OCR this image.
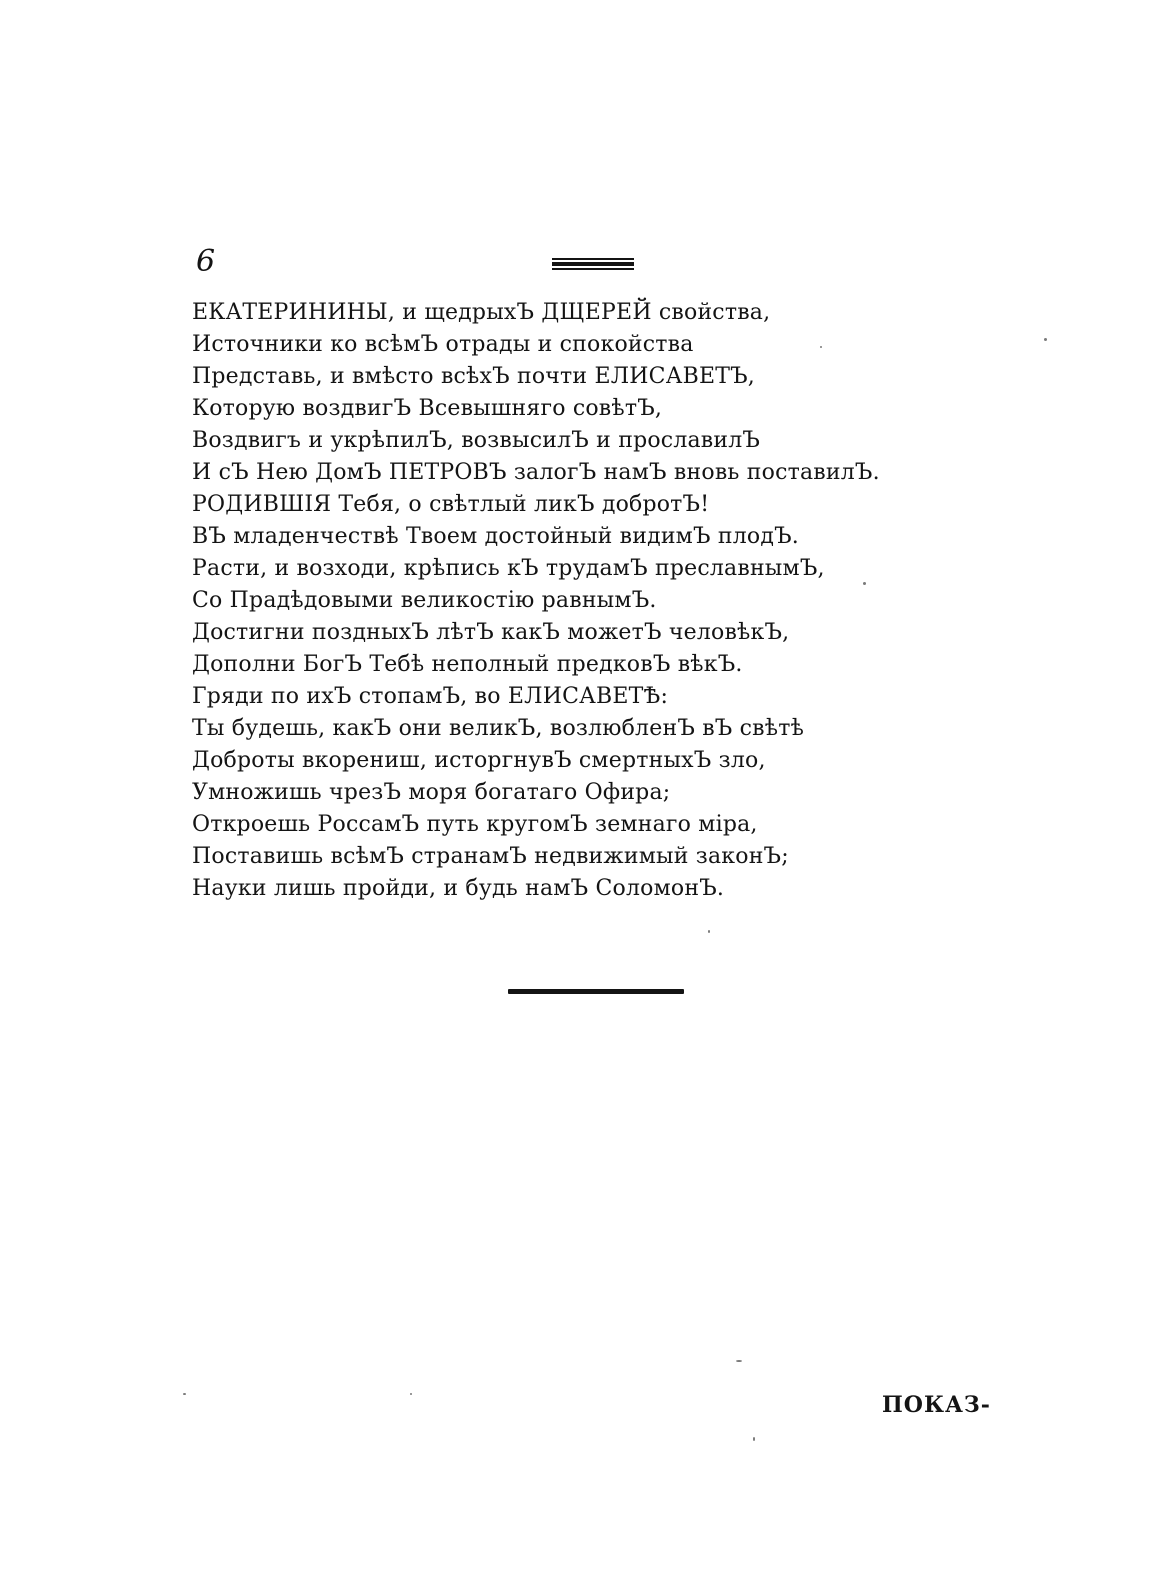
6
ЕКАТЕРИНИНЫ, и щедрыхЪ ДЩЕРЕЙ свойства,
Источники ко всѣмЪ отрады и спокойства
Представь, и вмѣсто всѣхЪ почти ЕЛИСАВЕТЪ,
Которую воздвигЪ Всевышняго совѣтЪ,
Воздвигъ и укрѣпилЪ, возвысилЪ и прославилЪ
И сЪ Нею ДомЪ ПЕТРОВЪ залогЪ намЪ вновь поставилЪ.
РОДИВШІЯ Тебя, о свѣтлый ликЪ добротЪ!
ВЪ младенчествѣ Твоем достойный видимЪ плодЪ.
Расти, и возходи, крѣпись кЪ трудамЪ преславнымЪ,
Со Прадѣдовыми великостію равнымЪ.
Достигни поздныхЪ лѣтЪ какЪ можетЪ человѣкЪ,
Дополни БогЪ Тебѣ неполный предковЪ вѣкЪ.
Гряди по ихЪ стопамЪ, во ЕЛИСАВЕТѢ:
Ты будешь, какЪ они великЪ, возлюбленЪ вЪ свѣтѣ
Доброты вкорениш, исторгнувЪ смертныхЪ зло,
Умножишь чрезЪ моря богатаго Офира;
Откроешь РоссамЪ путь кругомЪ земнаго міра,
Поставишь всѣмЪ странамЪ недвижимый законЪ;
Науки лишь пройди, и будь намЪ СоломонЪ.
ПОКАЗ-
